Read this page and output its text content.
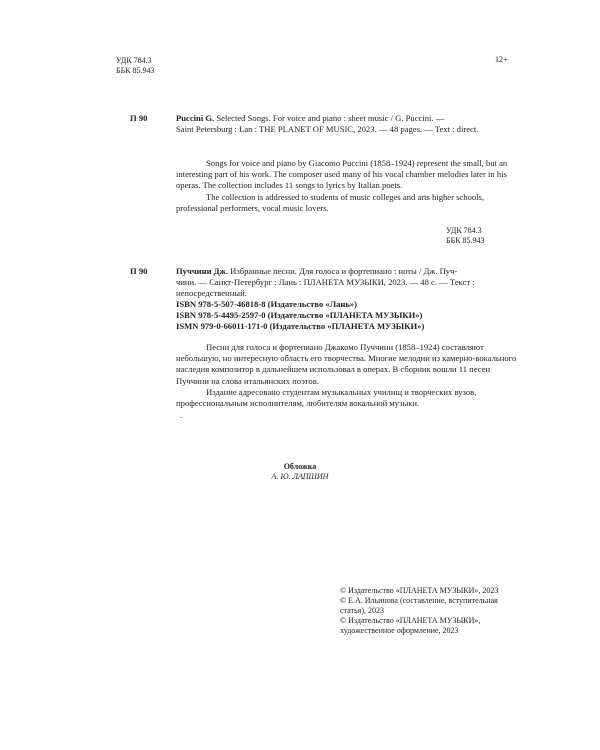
УДК 784.3
ББК 85.943
12+
П 90	Puccini G. Selected Songs. For voice and piano : sheet music / G. Puccini. —

Saint Petersburg : Lan : THE PLANET OF MUSIC, 2023. — 48 pages. — Text : direct.
Songs for voice and piano by Giacomo Puccini (1858–1924) represent the small, but an interesting part of his work. The composer used many of his vocal chamber melodies later in his operas. The collection includes 11 songs to lyrics by Italian poets.
The collection is addressed to students of music colleges and arts higher schools, professional performers, vocal music lovers.
УДК 784.3
ББК 85.943
П 90	Пуччини Дж. Избранные песни. Для голоса и фортепиано : ноты / Дж. Пуч-

чини. — Санкт-Петербург : Лань : ПЛАНЕТА МУЗЫКИ, 2023. — 48 с. — Текст : непосредственный.
ISBN 978-5-507-46818-8 (Издательство «Лань»)
ISBN 978-5-4495-2597-0 (Издательство «ПЛАНЕТА МУЗЫКИ»)
ISMN 979-0-66011-171-0 (Издательство «ПЛАНЕТА МУЗЫКИ»)
Песни для голоса и фортепиано Джакомо Пуччини (1858–1924) составляют небольшую, но интересную область его творчества. Многие мелодии из камерно-вокального наследия композитор в дальнейшем использовал в операх. В сборник вошли 11 песен Пуччини на слова итальянских поэтов.
Издание адресовано студентам музыкальных училищ и творческих вузов, профессиональным исполнителям, любителям вокальной музыки.
.
Обложка
А. Ю. ЛАПШИН
© Издательство «ПЛАНЕТА МУЗЫКИ», 2023
© Е.А. Ильинова (составление, вступительная статья), 2023
© Издательство «ПЛАНЕТА МУЗЫКИ», художественное оформление, 2023
